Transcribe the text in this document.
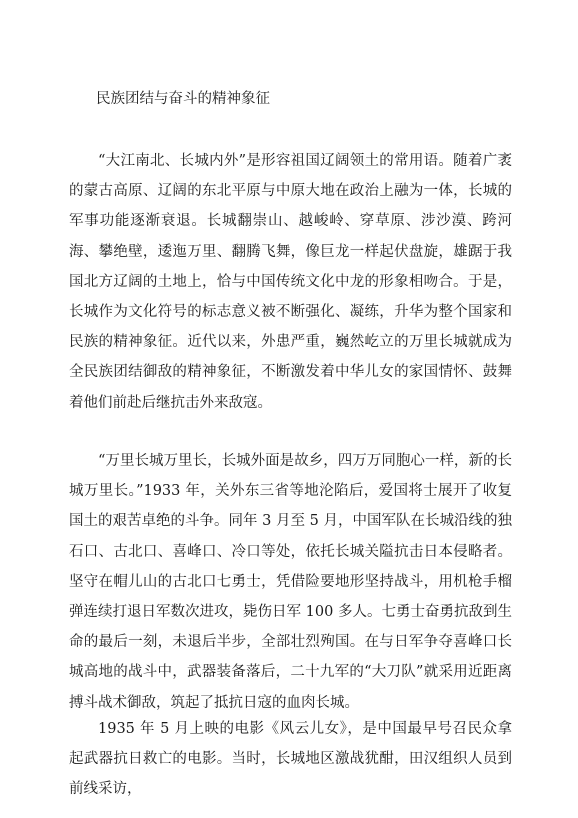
民族团结与奋斗的精神象征

“大江南北、长城内外”是形容祖国辽阔领土的常用语。随着广袤的蒙古高原、辽阔的东北平原与中原大地在政治上融为一体，长城的军事功能逐渐衰退。长城翻崇山、越峻岭、穿草原、涉沙漠、跨河海、攀绝壁，逶迤万里、翻腾飞舞，像巨龙一样起伏盘旋，雄踞于我国北方辽阔的土地上，恰与中国传统文化中龙的形象相吻合。于是，长城作为文化符号的标志意义被不断强化、凝练，升华为整个国家和民族的精神象征。近代以来，外患严重，巍然屹立的万里长城就成为全民族团结御敌的精神象征，不断激发着中华儿女的家国情怀、鼓舞着他们前赴后继抗击外来敌寇。

“万里长城万里长，长城外面是故乡，四万万同胞心一样，新的长城万里长。”1933 年，关外东三省等地沦陷后，爱国将士展开了收复国土的艰苦卓绝的斗争。同年 3 月至 5 月，中国军队在长城沿线的独石口、古北口、喜峰口、冷口等处，依托长城关隘抗击日本侵略者。坚守在帽儿山的古北口七勇士，凭借险要地形坚持战斗，用机枪手榴弹连续打退日军数次进攻，毙伤日军 100 多人。七勇士奋勇抗敌到生命的最后一刻，未退后半步，全部壮烈殉国。在与日军争夺喜峰口长城高地的战斗中，武器装备落后，二十九军的“大刀队”就采用近距离搏斗战术御敌，筑起了抵抗日寇的血肉长城。

1935 年 5 月上映的电影《风云儿女》，是中国最早号召民众拿起武器抗日救亡的电影。当时，长城地区激战犹酣，田汉组织人员到前线采访，
